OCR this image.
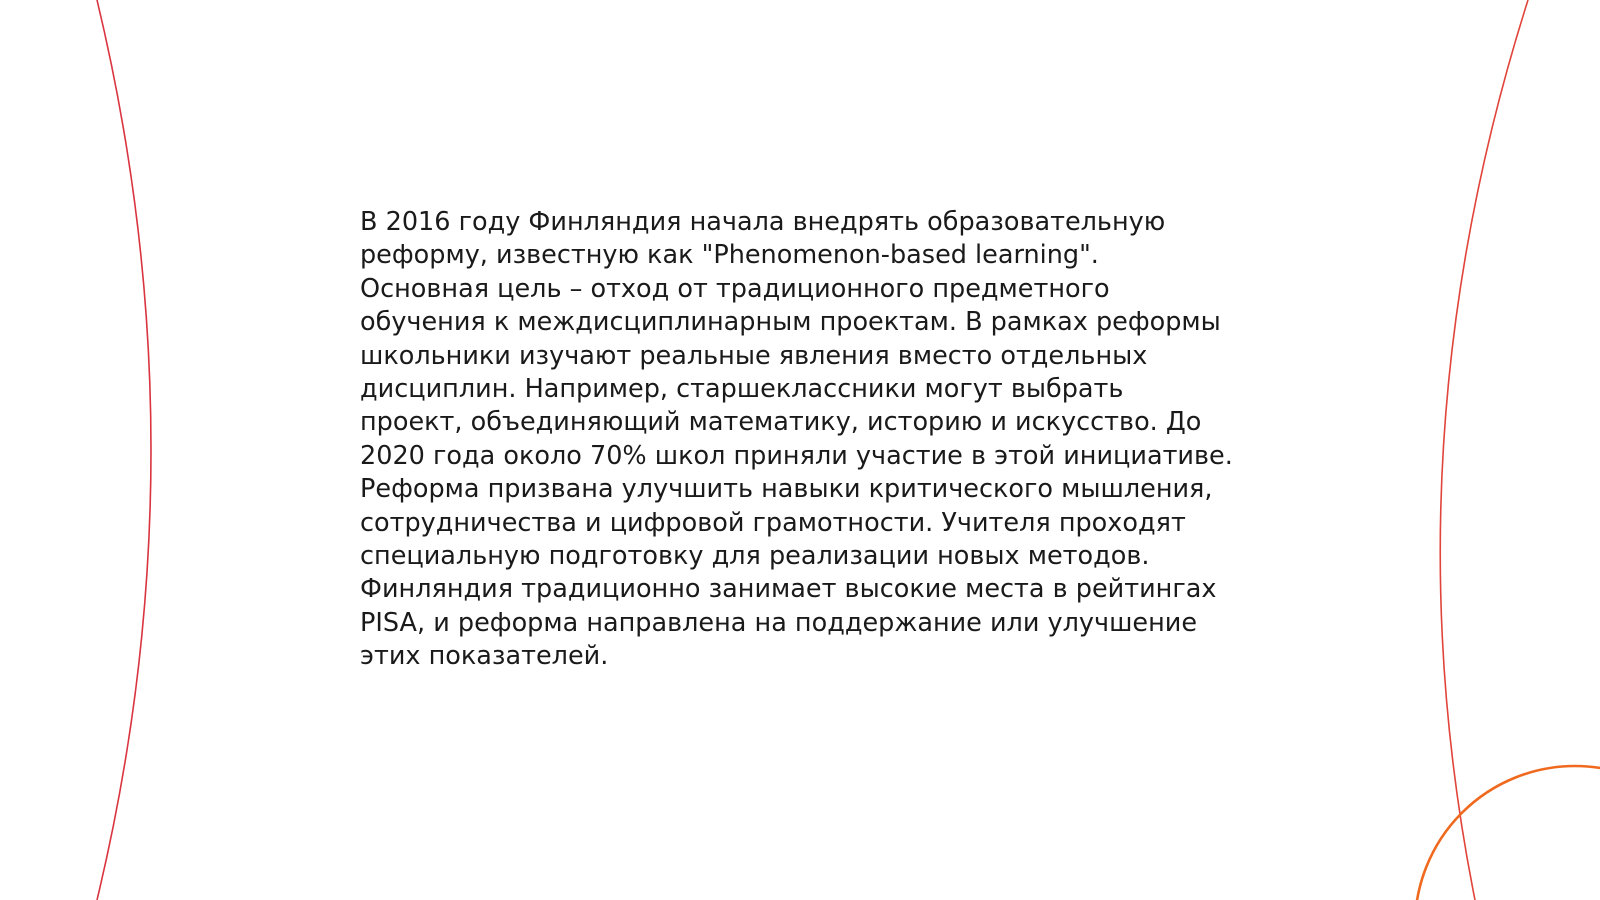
В 2016 году Финляндия начала внедрять образовательную
реформу, известную как "Phenomenon-based learning".
Основная цель – отход от традиционного предметного
обучения к междисциплинарным проектам. В рамках реформы
школьники изучают реальные явления вместо отдельных
дисциплин. Например, старшеклассники могут выбрать
проект, объединяющий математику, историю и искусство. До
2020 года около 70% школ приняли участие в этой инициативе.
Реформа призвана улучшить навыки критического мышления,
сотрудничества и цифровой грамотности. Учителя проходят
специальную подготовку для реализации новых методов.
Финляндия традиционно занимает высокие места в рейтингах
PISA, и реформа направлена на поддержание или улучшение
этих показателей.
